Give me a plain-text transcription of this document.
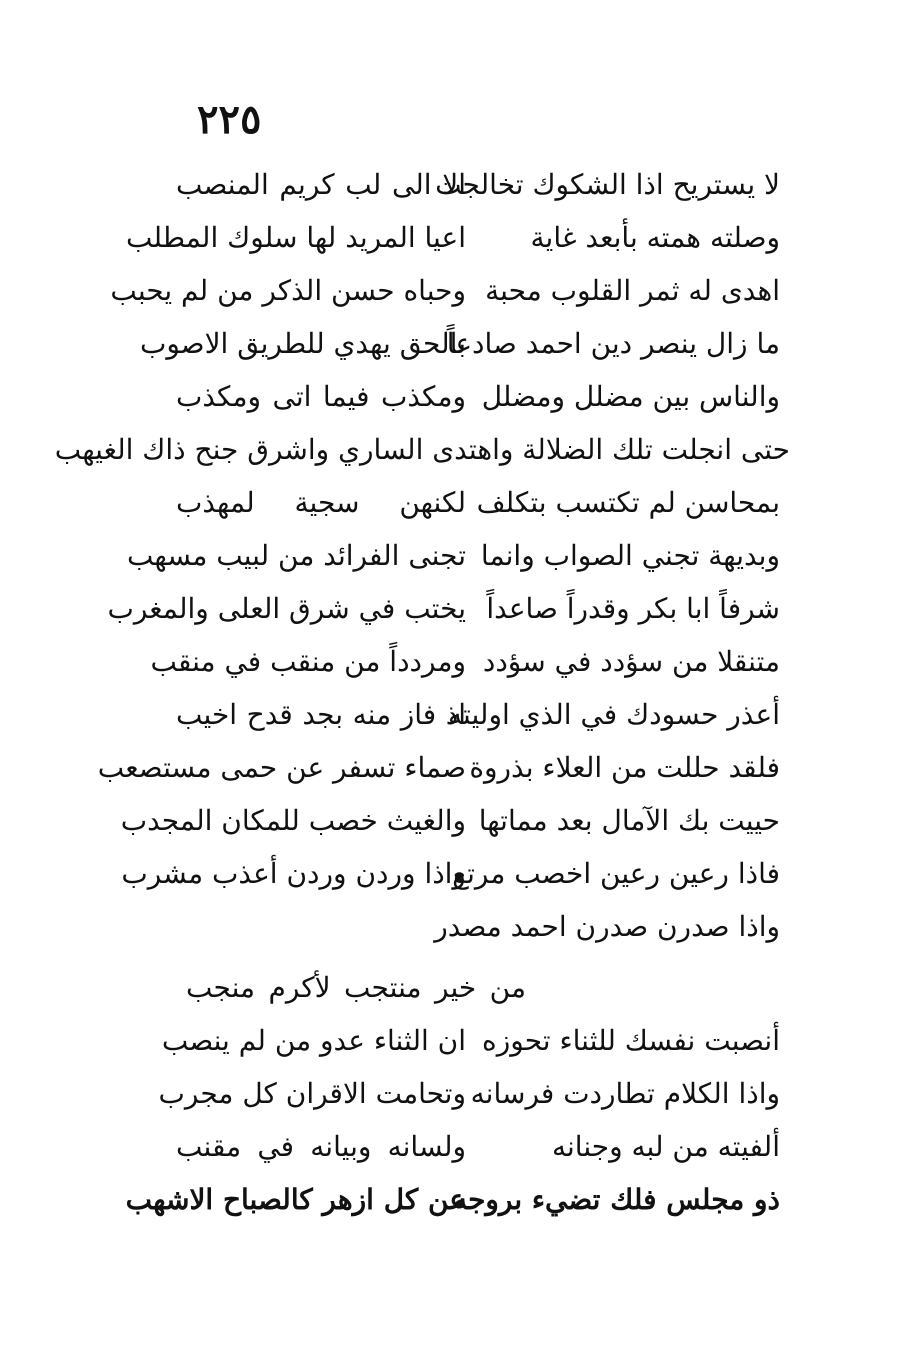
٢٢٥
لا يستريح اذا الشكوك تخالجت
الا الى لب كريم المنصب
وصلته همته بأبعد غاية
اعيا المريد لها سلوك المطلب
اهدى له ثمر القلوب محبة
وحباه حسن الذكر من لم يحبب
ما زال ينصر دين احمد صادعاً
بالحق يهدي للطريق الاصوب
والناس بين مضلل ومضلل
ومكذب فيما اتى ومكذب
حتى انجلت تلك الضلالة واهتدى الساري واشرق جنح ذاك الغيهب
بمحاسن لم تكتسب بتكلف
لكنهن سجية لمهذب
وبديهة تجني الصواب وانما
تجنى الفرائد من لبيب مسهب
شرفاً ابا بكر وقدراً صاعداً
يختب في شرق العلى والمغرب
متنقلا من سؤدد في سؤدد
ومردداً من منقب في منقب
أعذر حسودك في الذي اوليته
اذ فاز منه بجد قدح اخيب
فلقد حللت من العلاء بذروة
صماء تسفر عن حمى مستصعب
حييت بك الآمال بعد مماتها
والغيث خصب للمكان المجدب
فاذا رعين رعين اخصب مرتع
واذا وردن وردن أعذب مشرب
واذا صدرن صدرن احمد مصدر
من خير منتجب لأكرم منجب
أنصبت نفسك للثناء تحوزه
ان الثناء عدو من لم ينصب
واذا الكلام تطاردت فرسانه
وتحامت الاقران كل مجرب
ألفيته من لبه وجنانه
ولسانه وبيانه في مقنب
ذو مجلس فلك تضيء بروجه
عن كل ازهر كالصباح الاشهب
